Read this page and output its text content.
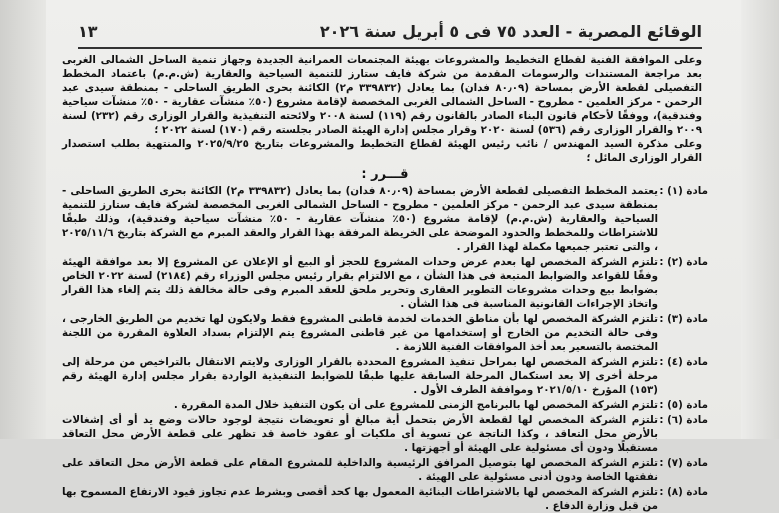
الوقائع المصرية - العدد ٧٥ فى ٥ أبريل سنة ٢٠٢٦
١٣

وعلى الموافقة الفنية لقطاع التخطيط والمشروعات بهيئة المجتمعات العمرانية الجديدة وجهاز تنمية الساحل الشمالى الغربى بعد مراجعة المستندات والرسومات المقدمة من شركة فايف ستارز للتنمية السياحية والعقارية (ش.م.م) باعتماد المخطط التفصيلى لقطعة الأرض بمساحة (٨٠٫٠٩ فدان) بما يعادل (٣٣٩٨٣٢ م٢) الكائنة بحرى الطريق الساحلى - بمنطقة سيدى عبد الرحمن - مركز العلمين - مطروح - الساحل الشمالى الغربى المخصصة لإقامة مشروع (٥٠٪ منشآت عقارية - ٥٠٪ منشآت سياحية وفندقية)، ووفقًا لأحكام قانون البناء الصادر بالقانون رقم (١١٩) لسنة ٢٠٠٨ ولائحته التنفيذية والقرار الوزارى رقم (٢٣٢) لسنة ٢٠٠٩ والقرار الوزارى رقم (٥٣٦) لسنة ٢٠٢٠ وقرار مجلس إدارة الهيئة الصادر بجلسته رقم (١٧٠) لسنة ٢٠٢٢ ؛

وعلى مذكرة السيد المهندس / نائب رئيس الهيئة لقطاع التخطيط والمشروعات بتاريخ ٢٠٢٥/٩/٢٥ والمنتهية بطلب استصدار القرار الوزارى المائل ؛

قـــرر :
مادة (١) :
يعتمد المخطط التفصيلى لقطعة الأرض بمساحة (٨٠٫٠٩ فدان) بما يعادل (٣٣٩٨٣٢ م٢) الكائنة بحرى الطريق الساحلى - بمنطقة سيدى عبد الرحمن - مركز العلمين - مطروح - الساحل الشمالى الغربى المخصصة لشركة فايف ستارز للتنمية السياحية والعقارية (ش.م.م) لإقامة مشروع (٥٠٪ منشآت عقارية - ٥٠٪ منشآت سياحية وفندقية)، وذلك طبقًا للاشتراطات وللمخطط والحدود الموضحة على الخريطة المرفقة بهذا القرار والعقد المبرم مع الشركة بتاريخ ٢٠٢٥/١١/٦ ، والتى تعتبر جميعها مكملة لهذا القرار .
مادة (٢) :
تلتزم الشركة المخصص لها بعدم عرض وحدات المشروع للحجز أو البيع أو الإعلان عن المشروع إلا بعد موافقة الهيئة وفقًا للقواعد والضوابط المتبعة فى هذا الشأن ، مع الالتزام بقرار رئيس مجلس الوزراء رقم (٢١٨٤) لسنة ٢٠٢٢ الخاص بضوابط بيع وحدات مشروعات التطوير العقارى وتحرير ملحق للعقد المبرم وفى حالة مخالفة ذلك يتم إلغاء هذا القرار واتخاذ الإجراءات القانونية المناسبة فى هذا الشأن .
مادة (٣) :
تلتزم الشركة المخصص لها بأن مناطق الخدمات لخدمة قاطنى المشروع فقط ولايكون لها تخديم من الطريق الخارجى ، وفى حالة التخديم من الخارج أو إستخدامها من غير قاطنى المشروع يتم الإلتزام بسداد العلاوة المقررة من اللجنة المختصة بالتسعير بعد أخذ الموافقات الفنية اللازمة .
مادة (٤) :
تلتزم الشركة المخصص لها بمراحل تنفيذ المشروع المحددة بالقرار الوزارى ولايتم الانتقال بالتراخيص من مرحلة إلى مرحلة أخرى إلا بعد استكمال المرحلة السابقة عليها طبقًا للضوابط التنفيذية الواردة بقرار مجلس إدارة الهيئة رقم (١٥٣) المؤرخ ٢٠٢١/٥/١٠ وموافقة الطرف الأول .
مادة (٥) :
تلتزم الشركة المخصص لها بالبرنامج الزمنى للمشروع على أن يكون التنفيذ خلال المدة المقررة .
مادة (٦) :
تلتزم الشركة المخصص لها لقطعة الأرض بتحمل أية مبالغ أو تعويضات نتيجة لوجود حالات وضع يد أو أى إشغالات بالأرض محل التعاقد ، وكذا الناتجة عن تسوية أى ملكيات أو عقود خاصة قد تظهر على قطعة الأرض محل التعاقد مستقبلًا ودون أى مسئولية على الهيئة أو أجهزتها .
مادة (٧) :
تلتزم الشركة المخصص لها بتوصيل المرافق الرئيسية والداخلية للمشروع المقام على قطعة الأرض محل التعاقد على نفقتها الخاصة ودون أدنى مسئولية على الهيئة .
مادة (٨) :
تلتزم الشركة المخصص لها بالاشتراطات البنائية المعمول بها كحد أقصى وبشرط عدم تجاوز قيود الارتفاع المسموح بها من قبل وزارة الدفاع .
